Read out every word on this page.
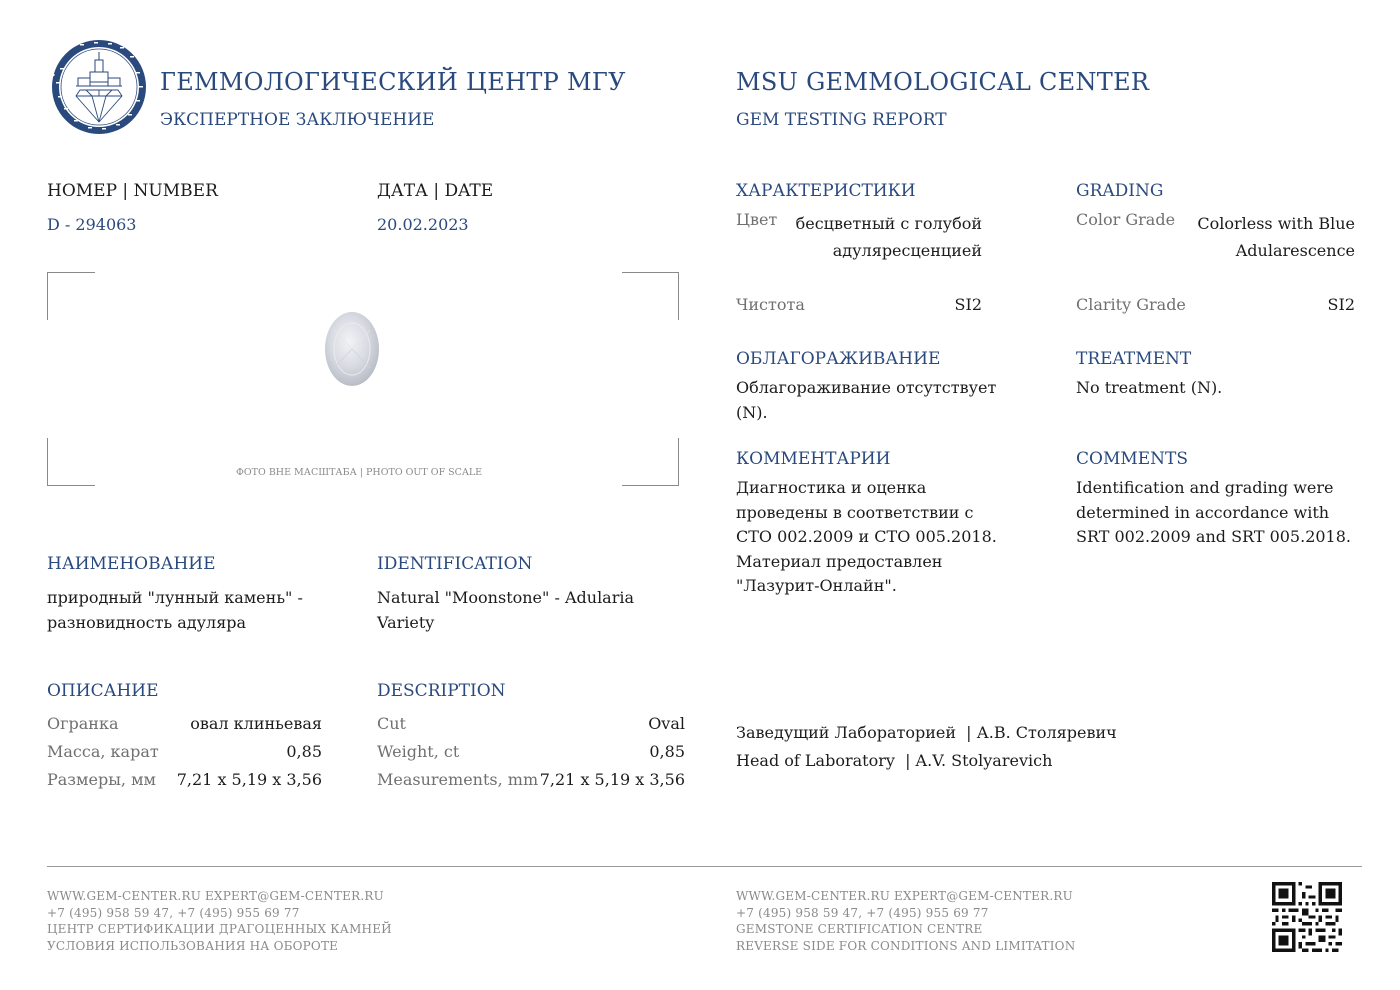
ГЕММОЛОГИЧЕСКИЙ ЦЕНТР МГУ
ЭКСПЕРТНОЕ ЗАКЛЮЧЕНИЕ
MSU GEMMOLOGICAL CENTER
GEM TESTING REPORT
НОМЕР | NUMBER
D - 294063
ДАТА | DATE
20.02.2023
ФОТО ВНЕ МАСШТАБА | PHOTO OUT OF SCALE
НАИМЕНОВАНИЕ
природный "лунный камень" -
разновидность адуляра
IDENTIFICATION
Natural "Moonstone" - Adularia
Variety
ОПИСАНИЕ	DESCRIPTION
Огранка	овал клиньевая
Масса, карат	0,85
Размеры, мм 7,21 x 5,19 x 3,56
Cut	Oval
Weight, ct	0,85
Measurements, mm 7,21 x 5,19 x 3,56
ХАРАКТЕРИСТИКИ	GRADING
Цвет	бесцветный с голубой
адуляресценцией
Color Grade	Colorless with Blue
Adularescence
Чистота	SI2	Clarity Grade	SI2
ОБЛАГОРАЖИВАНИЕ
Облагораживание отсутствует
(N).
TREATMENT
No treatment (N).
КОММЕНТАРИИ
Диагностика и оценка
проведены в соответствии с
СТО 002.2009 и СТО 005.2018.
Материал предоставлен
"Лазурит-Онлайн".
COMMENTS
Identification and grading were
determined in accordance with
SRT 002.2009 and SRT 005.2018.
Заведущий Лабораторией  | А.В. Столяревич
Head of Laboratory  | A.V. Stolyarevich
WWW.GEM-CENTER.RU EXPERT@GEM-CENTER.RU
+7 (495) 958 59 47, +7 (495) 955 69 77
ЦЕНТР СЕРТИФИКАЦИИ ДРАГОЦЕННЫХ КАМНЕЙ
УСЛОВИЯ ИСПОЛЬЗОВАНИЯ НА ОБОРОТЕ
WWW.GEM-CENTER.RU EXPERT@GEM-CENTER.RU
+7 (495) 958 59 47, +7 (495) 955 69 77
GEMSTONE CERTIFICATION CENTRE
REVERSE SIDE FOR CONDITIONS AND LIMITATION
